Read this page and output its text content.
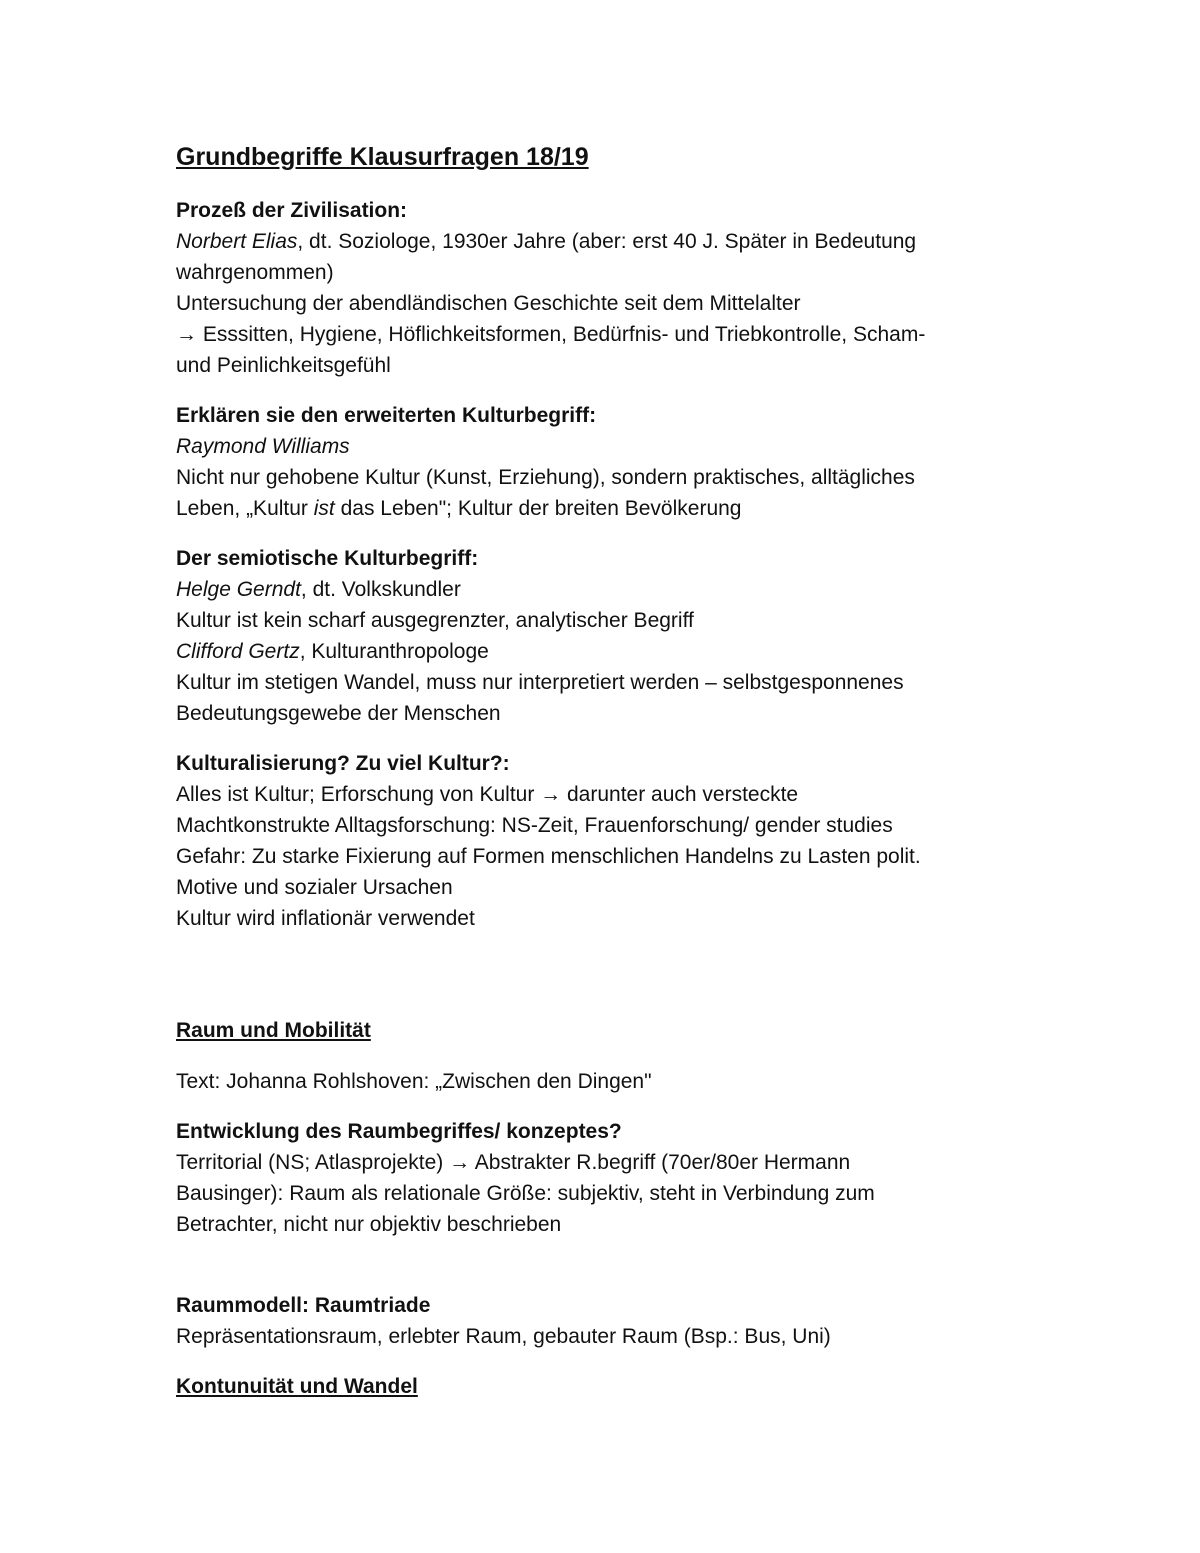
Grundbegriffe Klausurfragen 18/19
Prozeß der Zivilisation:
Norbert Elias, dt. Soziologe, 1930er Jahre (aber: erst 40 J. Später in Bedeutung
wahrgenommen)
Untersuchung der abendländischen Geschichte seit dem Mittelalter
→ Esssitten, Hygiene, Höflichkeitsformen, Bedürfnis- und Triebkontrolle, Scham-
und Peinlichkeitsgefühl
Erklären sie den erweiterten Kulturbegriff:
Raymond Williams
Nicht nur gehobene Kultur (Kunst, Erziehung), sondern praktisches, alltägliches
Leben, „Kultur ist das Leben"; Kultur der breiten Bevölkerung
Der semiotische Kulturbegriff:
Helge Gerndt, dt. Volkskundler
Kultur ist kein scharf ausgegrenzter, analytischer Begriff
Clifford Gertz, Kulturanthropologe
Kultur im stetigen Wandel, muss nur interpretiert werden – selbstgesponnenes
Bedeutungsgewebe der Menschen
Kulturalisierung? Zu viel Kultur?:
Alles ist Kultur; Erforschung von Kultur → darunter auch versteckte
Machtkonstrukte Alltagsforschung: NS-Zeit, Frauenforschung/ gender studies
Gefahr: Zu starke Fixierung auf Formen menschlichen Handelns zu Lasten polit.
Motive und sozialer Ursachen
Kultur wird inflationär verwendet
Raum und Mobilität
Text: Johanna Rohlshoven: „Zwischen den Dingen"
Entwicklung des Raumbegriffes/ konzeptes?
Territorial (NS; Atlasprojekte) → Abstrakter R.begriff (70er/80er Hermann
Bausinger): Raum als relationale Größe: subjektiv, steht in Verbindung zum
Betrachter, nicht nur objektiv beschrieben
Raummodell: Raumtriade
Repräsentationsraum, erlebter Raum, gebauter Raum (Bsp.: Bus, Uni)
Kontunuität und Wandel
